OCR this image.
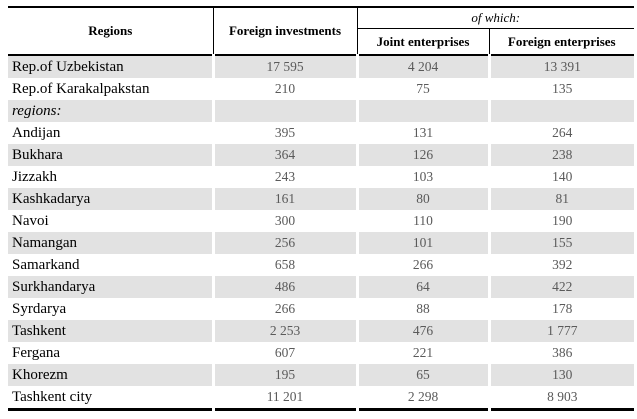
Regions	Foreign investments	of which:	
		Joint enterprises	Foreign enterprises
Rep.of Uzbekistan	17 595	4 204	13 391
Rep.of Karakalpakstan	210	75	135
regions:			
Andijan	395	131	264
Bukhara	364	126	238
Jizzakh	243	103	140
Kashkadarya	161	80	81
Navoi	300	110	190
Namangan	256	101	155
Samarkand	658	266	392
Surkhandarya	486	64	422
Syrdarya	266	88	178
Tashkent	2 253	476	1 777
Fergana	607	221	386
Khorezm	195	65	130
Tashkent city	11 201	2 298	8 903
